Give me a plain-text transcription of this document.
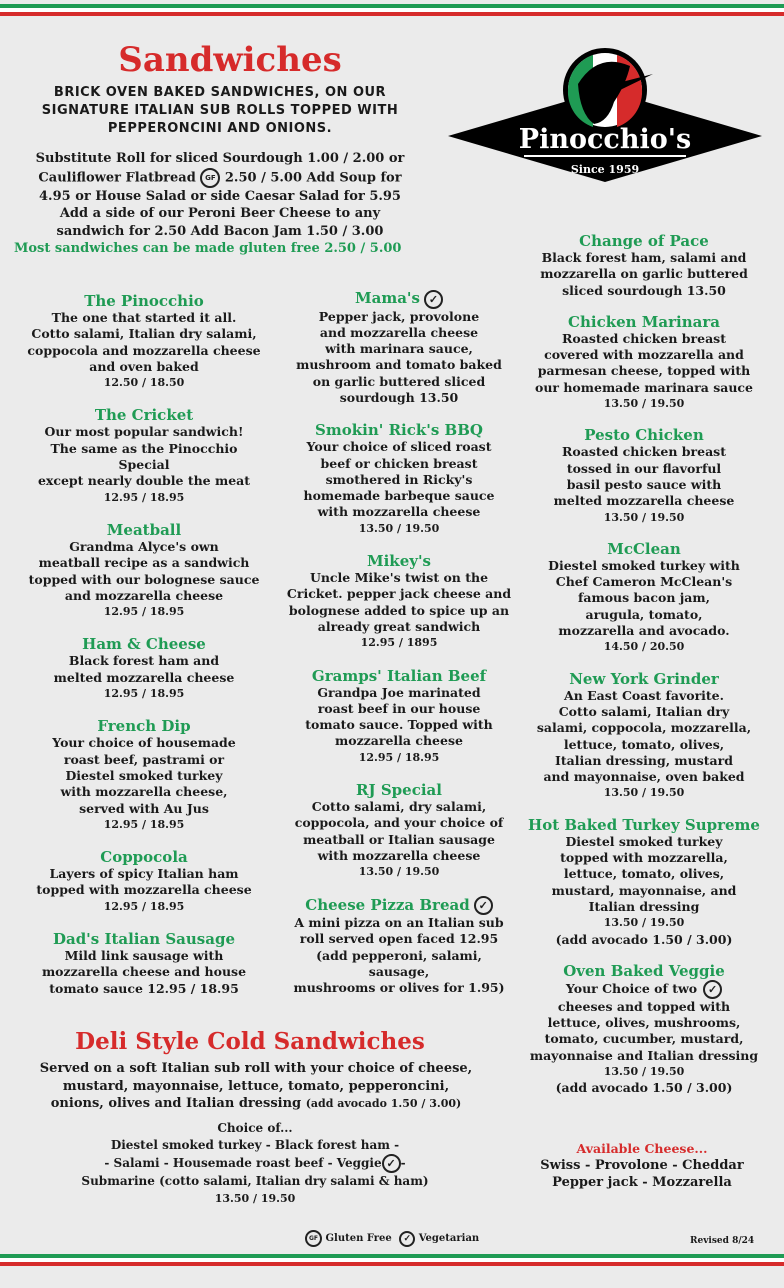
Sandwiches
BRICK OVEN BAKED SANDWICHES, ON OUR
SIGNATURE ITALIAN SUB ROLLS TOPPED WITH
PEPPERONCINI AND ONIONS.
Substitute Roll for sliced Sourdough 1.00 / 2.00 or
Cauliflower Flatbread GF 2.50 / 5.00 Add Soup for
4.95 or House Salad or side Caesar Salad for 5.95
Add a side of our Peroni Beer Cheese to any
sandwich for 2.50 Add Bacon Jam 1.50 / 3.00
Most sandwiches can be made gluten free 2.50 / 5.00
Pinocchio's
Since 1959
The Pinocchio
The one that started it all.
Cotto salami, Italian dry salami,
coppocola and mozzarella cheese
and oven baked
12.50 / 18.50
The Cricket
Our most popular sandwich!
The same as the Pinocchio Special
except nearly double the meat
12.95 / 18.95
Meatball
Grandma Alyce's own
meatball recipe as a sandwich
topped with our bolognese sauce
and mozzarella cheese
12.95 / 18.95
Ham & Cheese
Black forest ham and
melted mozzarella cheese
12.95 / 18.95
French Dip
Your choice of housemade
roast beef, pastrami or
Diestel smoked turkey
with mozzarella cheese,
served with Au Jus
12.95 / 18.95
Coppocola
Layers of spicy Italian ham
topped with mozzarella cheese
12.95 / 18.95
Dad's Italian Sausage
Mild link sausage with
mozzarella cheese and house
tomato sauce 12.95 / 18.95
Mama's ✓
Pepper jack, provolone
and mozzarella cheese
with marinara sauce,
mushroom and tomato baked
on garlic buttered sliced
sourdough 13.50
Smokin' Rick's BBQ
Your choice of sliced roast
beef or chicken breast
smothered in Ricky's
homemade barbeque sauce
with mozzarella cheese
13.50 / 19.50
Mikey's
Uncle Mike's twist on the
Cricket. pepper jack cheese and
bolognese added to spice up an
already great sandwich
12.95 / 1895
Gramps' Italian Beef
Grandpa Joe marinated
roast beef in our house
tomato sauce. Topped with
mozzarella cheese
12.95 / 18.95
RJ Special
Cotto salami, dry salami,
coppocola, and your choice of
meatball or Italian sausage
with mozzarella cheese
13.50 / 19.50
Cheese Pizza Bread ✓
A mini pizza on an Italian sub
roll served open faced 12.95
(add pepperoni, salami, sausage,
mushrooms or olives for 1.95)
Change of Pace
Black forest ham, salami and
mozzarella on garlic buttered
sliced sourdough 13.50
Chicken Marinara
Roasted chicken breast
covered with mozzarella and
parmesan cheese, topped with
our homemade marinara sauce
13.50 / 19.50
Pesto Chicken
Roasted chicken breast
tossed in our flavorful
basil pesto sauce with
melted mozzarella cheese
13.50 / 19.50
McClean
Diestel smoked turkey with
Chef Cameron McClean's
famous bacon jam,
arugula, tomato,
mozzarella and avocado.
14.50 / 20.50
New York Grinder
An East Coast favorite.
Cotto salami, Italian dry
salami, coppocola, mozzarella,
lettuce, tomato, olives,
Italian dressing, mustard
and mayonnaise, oven baked
13.50 / 19.50
Hot Baked Turkey Supreme
Diestel smoked turkey
topped with mozzarella,
lettuce, tomato, olives,
mustard, mayonnaise, and
Italian dressing
13.50 / 19.50
(add avocado 1.50 / 3.00)
Oven Baked Veggie
Your Choice of two ✓
cheeses and topped with
lettuce, olives, mushrooms,
tomato, cucumber, mustard,
mayonnaise and Italian dressing
13.50 / 19.50
(add avocado 1.50 / 3.00)
Deli Style Cold Sandwiches
Served on a soft Italian sub roll with your choice of cheese,
mustard, mayonnaise, lettuce, tomato, pepperoncini,
onions, olives and Italian dressing (add avocado 1.50 / 3.00)
Choice of...
Diestel smoked turkey - Black forest ham -
- Salami - Housemade roast beef - Veggie ✓ -
Submarine (cotto salami, Italian dry salami & ham)
13.50 / 19.50
Available Cheese...
Swiss - Provolone - Cheddar
Pepper jack - Mozzarella
GF Gluten Free ✓ Vegetarian	Revised 8/24
